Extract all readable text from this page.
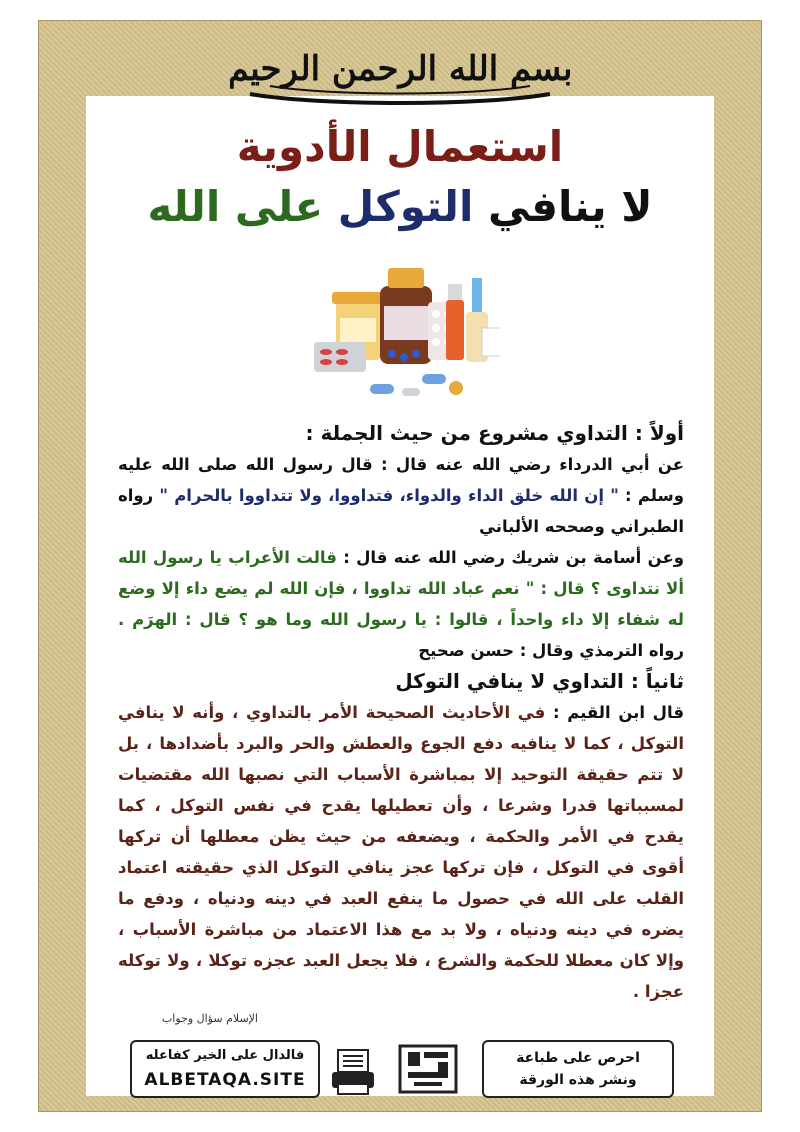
بسم الله الرحمن الرحيم
استعمال الأدوية
لا ينافي التوكل على الله

أولاً : التداوي مشروع من حيث الجملة :

عن أبي الدرداء رضي الله عنه قال : قال رسول الله صلى الله عليه وسلم : " إن الله خلق الداء والدواء، فتداووا، ولا تتداووا بالحرام " رواه الطبراني وصححه الألباني

وعن أسامة بن شريك رضي الله عنه قال : قالت الأعراب يا رسول الله ألا نتداوى ؟ قال : " نعم عباد الله تداووا ، فإن الله لم يضع داء إلا وضع له شفاء إلا داء واحداً ، قالوا : يا رسول الله وما هو ؟ قال : الهرَم . رواه الترمذي وقال : حسن صحيح

ثانياً : التداوي لا ينافي التوكل

قال ابن القيم : في الأحاديث الصحيحة الأمر بالتداوي ، وأنه لا ينافي التوكل ، كما لا ينافيه دفع الجوع والعطش والحر والبرد بأضدادها ، بل لا تتم حقيقة التوحيد إلا بمباشرة الأسباب التي نصبها الله مقتضيات لمسبباتها قدرا وشرعا ، وأن تعطيلها يقدح في نفس التوكل ، كما يقدح في الأمر والحكمة ، ويضعفه من حيث يظن معطلها أن تركها أقوى في التوكل ، فإن تركها عجز ينافي التوكل الذي حقيقته اعتماد القلب على الله في حصول ما ينفع العبد في دينه ودنياه ، ودفع ما يضره في دينه ودنياه ، ولا بد مع هذا الاعتماد من مباشرة الأسباب ، وإلا كان معطلا للحكمة والشرع ، فلا يجعل العبد عجزه توكلا ، ولا توكله عجزا .

الإسلام سؤال وجواب
فالدال على الخير كفاعله
ALBETAQA.SITE
احرص على طباعة
ونشر هذه الورقة
